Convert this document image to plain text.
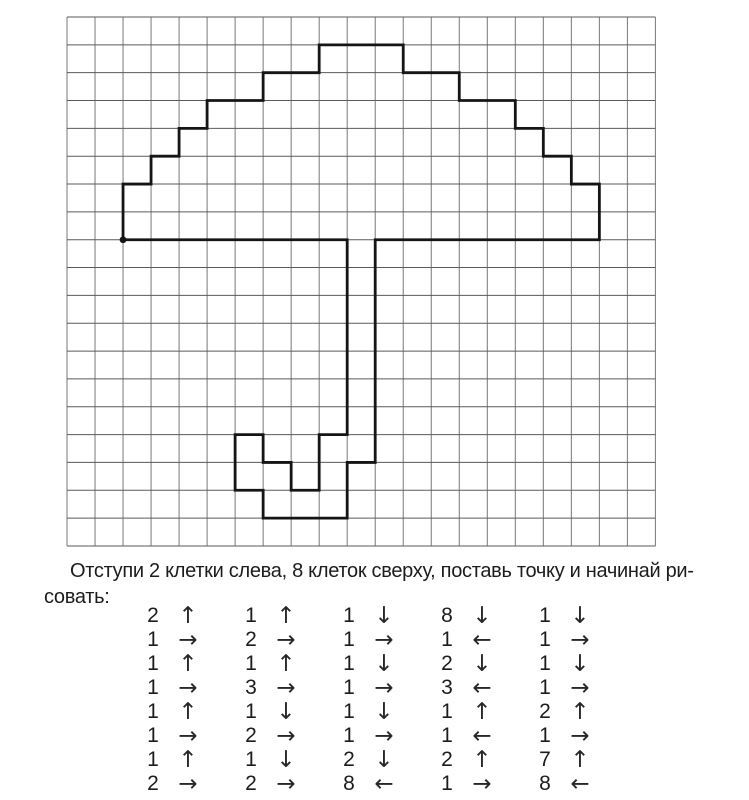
Отступи 2 клетки слева, 8 клеток сверху, поставь точку и начинай ри-
совать:
2 ↑
1 →
1 ↑
1 →
1 ↑
1 →
1 ↑
2 →
1 ↑
2 →
1 ↑
3 →
1 ↓
2 →
1 ↓
2 →
1 ↓
1 →
1 ↓
1 →
1 ↓
1 →
2 ↓
8 ←
8 ↓
1 ←
2 ↓
3 ←
1 ↑
1 ←
2 ↑
1 →
1 ↓
1 →
1 ↓
1 →
2 ↑
1 →
7 ↑
8 ←
